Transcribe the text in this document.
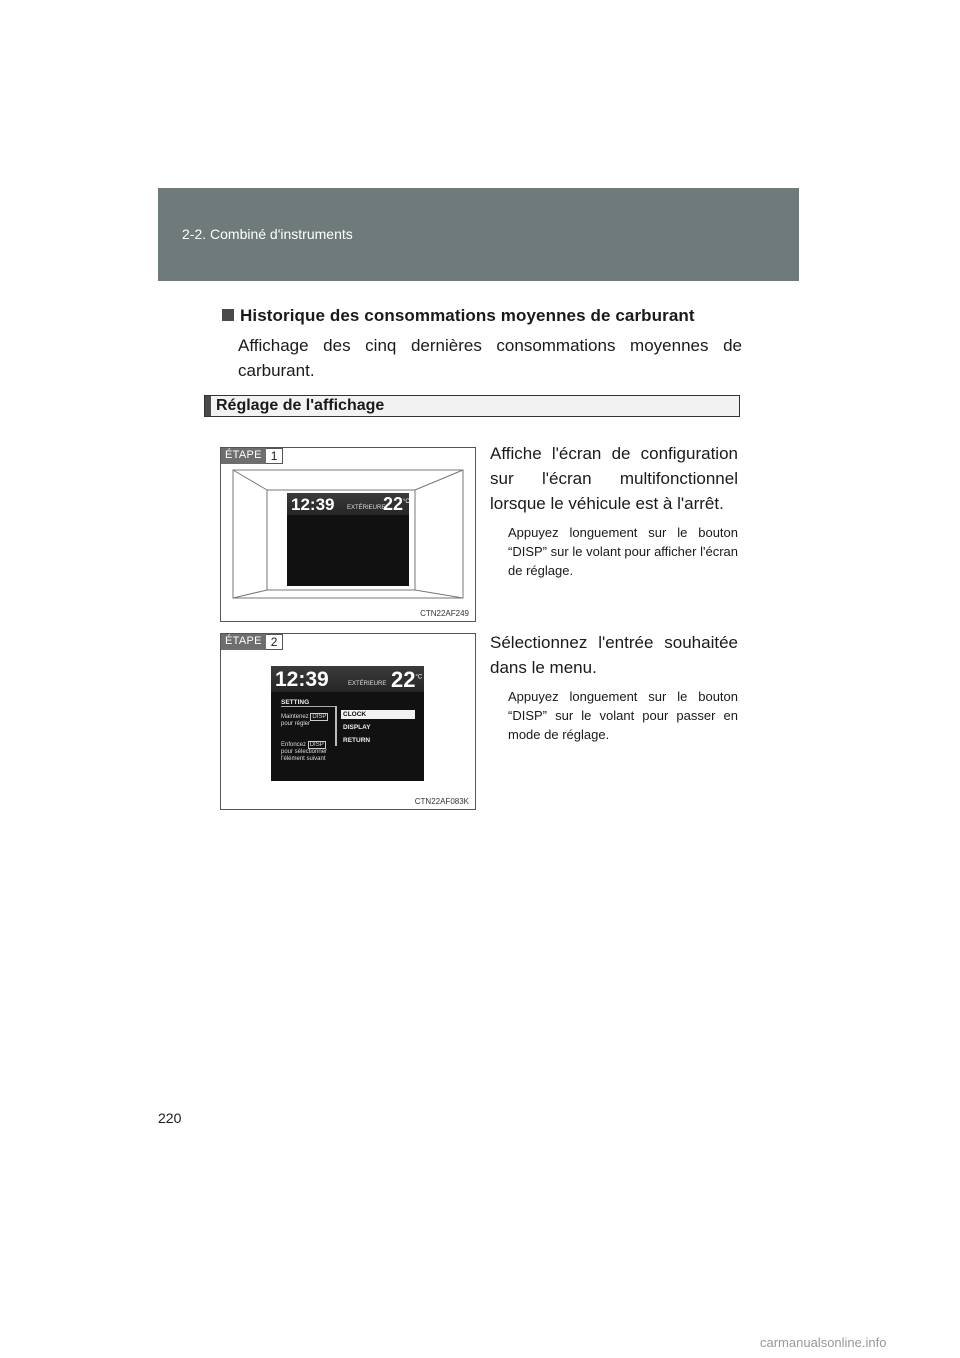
2-2. Combiné d'instruments
Historique des consommations moyennes de carburant
Affichage des cinq dernières consommations moyennes de carburant.
Réglage de l'affichage
ÉTAPE 1
12:39 EXTÉRIEURE
$22^{^\circ C}$
CTN22AF249
Affiche l'écran de configuration sur l'écran multifonctionnel lorsque le véhicule est à l'arrêt.
Appuyez longuement sur le bouton “DISP” sur le volant pour afficher l'écran de réglage.
ÉTAPE 2
12:39	EXTÉRIEURE $22^{^\circ C}$
SETTING
Maintenez DISP
pour régler
Enfoncez DISP
pour sélectionner
l'élément suivant
CLOCK
DISPLAY
RETURN
CTN22AF083K
Sélectionnez l'entrée souhaitée dans le menu.
Appuyez longuement sur le bouton “DISP” sur le volant pour passer en mode de réglage.
220
carmanualsonline.info
